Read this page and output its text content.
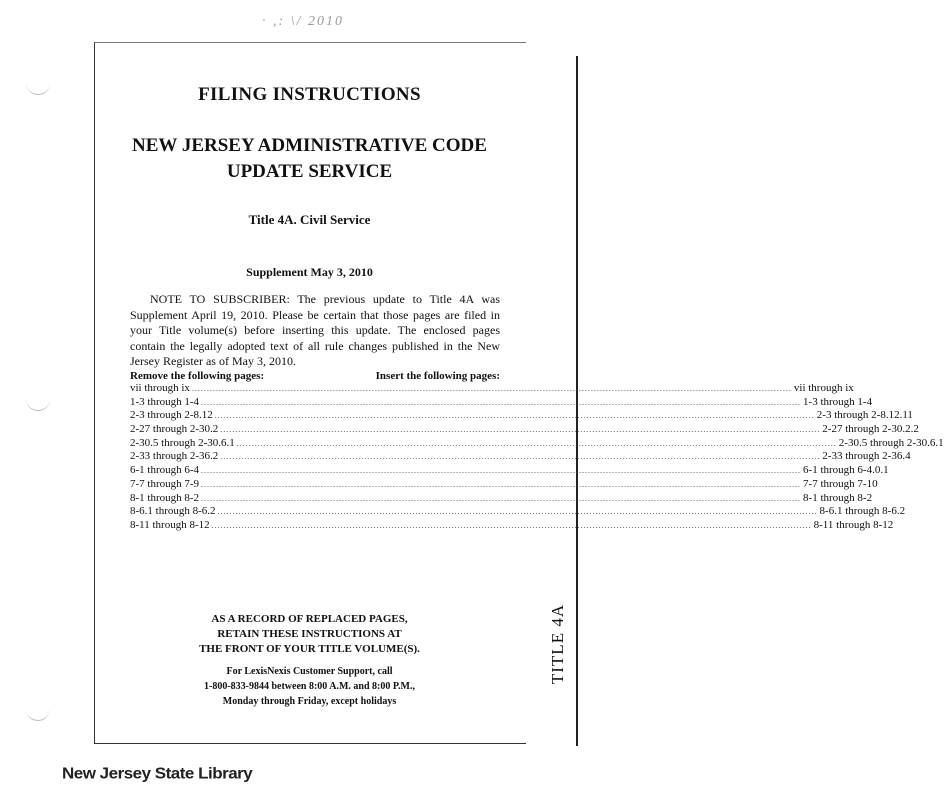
· ,: \/ 2010
FILING INSTRUCTIONS
NEW JERSEY ADMINISTRATIVE CODE
UPDATE SERVICE
Title 4A. Civil Service
Supplement May 3, 2010
NOTE TO SUBSCRIBER: The previous update to Title 4A was Supplement April 19, 2010. Please be certain that those pages are filed in your Title volume(s) before inserting this update. The enclosed pages contain the legally adopted text of all rule changes published in the New Jersey Register as of May 3, 2010.
Remove the following pages:	Insert the following pages:
vii through ix ........................................................................................................................................................................................................ vii through ix
1-3 through 1-4 ........................................................................................................................................................................................................ 1-3 through 1-4
2-3 through 2-8.12 ........................................................................................................................................................................................................ 2-3 through 2-8.12.11
2-27 through 2-30.2 ........................................................................................................................................................................................................ 2-27 through 2-30.2.2
2-30.5 through 2-30.6.1 ........................................................................................................................................................................................................ 2-30.5 through 2-30.6.1
2-33 through 2-36.2 ........................................................................................................................................................................................................ 2-33 through 2-36.4
6-1 through 6-4 ........................................................................................................................................................................................................ 6-1 through 6-4.0.1
7-7 through 7-9 ........................................................................................................................................................................................................ 7-7 through 7-10
8-1 through 8-2 ........................................................................................................................................................................................................ 8-1 through 8-2
8-6.1 through 8-6.2 ........................................................................................................................................................................................................ 8-6.1 through 8-6.2
8-11 through 8-12 ........................................................................................................................................................................................................ 8-11 through 8-12
AS A RECORD OF REPLACED PAGES,
RETAIN THESE INSTRUCTIONS AT
THE FRONT OF YOUR TITLE VOLUME(S).
For LexisNexis Customer Support, call
1-800-833-9844 between 8:00 A.M. and 8:00 P.M.,
Monday through Friday, except holidays
TITLE 4A
New Jersey State Library
